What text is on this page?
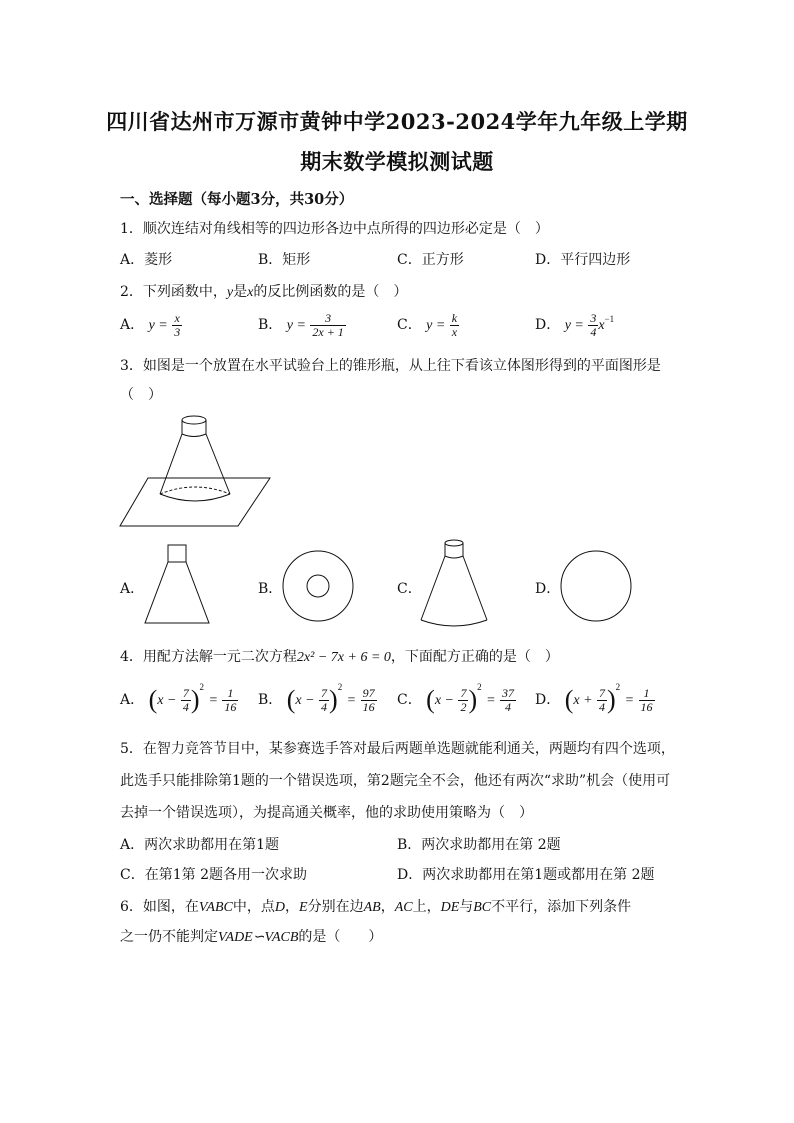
四川省达州市万源市黄钟中学2023-2024学年九年级上学期
期末数学模拟测试题
一、选择题（每小题3分，共30分）
1．顺次连结对角线相等的四边形各边中点所得的四边形必定是（　）
A．菱形	B．矩形	C．正方形	D．平行四边形
2．下列函数中，y是x的反比例函数的是（　）
A． $y = \frac{x}{3}$	B． $y = \frac{3}{2x + 1}$	C． $y = \frac{k}{x}$	D． $y = \frac{3}{4} x^{-1}$
3．如图是一个放置在水平试验台上的锥形瓶，从上往下看该立体图形得到的平面图形是
（　）
A．	B．	C．	D．
4．用配方法解一元二次方程2x² − 7x + 6 = 0，下面配方正确的是（　）
A． $(x - \frac{7}{4} )^2 = \frac{1}{16}$ B． $(x - \frac{7}{4} )^2 = \frac{97}{16}$ C． $(x - \frac{7}{2} )^2 = \frac{37}{4}$ D． $(x + \frac{7}{4} )^2 = \frac{1}{16}$
5．在智力竞答节目中，某参赛选手答对最后两题单选题就能利通关，两题均有四个选项，
此选手只能排除第1题的一个错误选项，第2题完全不会，他还有两次“求助”机会（使用可
去掉一个错误选项），为提高通关概率，他的求助使用策略为（　）
A．两次求助都用在第1题	B．两次求助都用在第 2题
C．在第1第 2题各用一次求助	D．两次求助都用在第1题或都用在第 2题
6．如图，在VABC中，点D，E分别在边AB，AC上，DE与BC不平行，添加下列条件
之一仍不能判定VADE∽VACB的是（　　）
